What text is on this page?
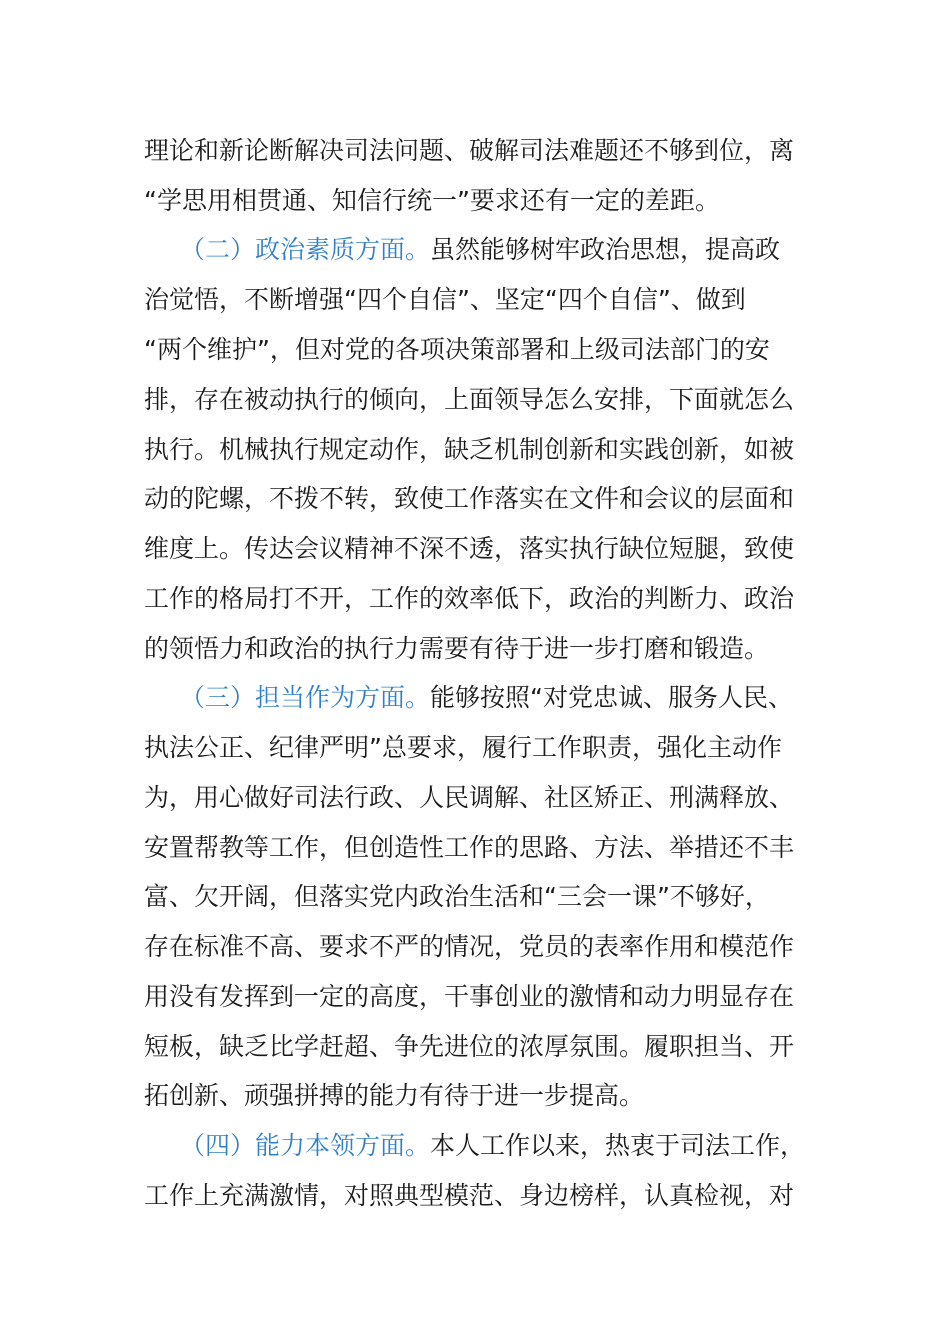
理论和新论断解决司法问题、破解司法难题还不够到位，离
“学思用相贯通、知信行统一”要求还有一定的差距。
（二）政治素质方面。 虽然能够树牢政治思想，提高政
治觉悟，不断增强“四个自信”、坚定“四个自信”、做到
“两个维护”，但对党的各项决策部署和上级司法部门的安
排，存在被动执行的倾向，上面领导怎么安排，下面就怎么
执行。机械执行规定动作，缺乏机制创新和实践创新，如被
动的陀螺，不拨不转，致使工作落实在文件和会议的层面和
维度上。传达会议精神不深不透，落实执行缺位短腿，致使
工作的格局打不开，工作的效率低下，政治的判断力、政治
的领悟力和政治的执行力需要有待于进一步打磨和锻造。
（三）担当作为方面。 能够按照“对党忠诚、服务人民、
执法公正、纪律严明”总要求，履行工作职责，强化主动作
为，用心做好司法行政、人民调解、社区矫正、刑满释放、
安置帮教等工作，但创造性工作的思路、方法、举措还不丰
富、欠开阔，但落实党内政治生活和“三会一课”不够好，
存在标准不高、要求不严的情况，党员的表率作用和模范作
用没有发挥到一定的高度，干事创业的激情和动力明显存在
短板，缺乏比学赶超、争先进位的浓厚氛围。履职担当、开
拓创新、顽强拼搏的能力有待于进一步提高。
（四）能力本领方面。 本人工作以来，热衷于司法工作，
工作上充满激情，对照典型模范、身边榜样，认真检视，对
